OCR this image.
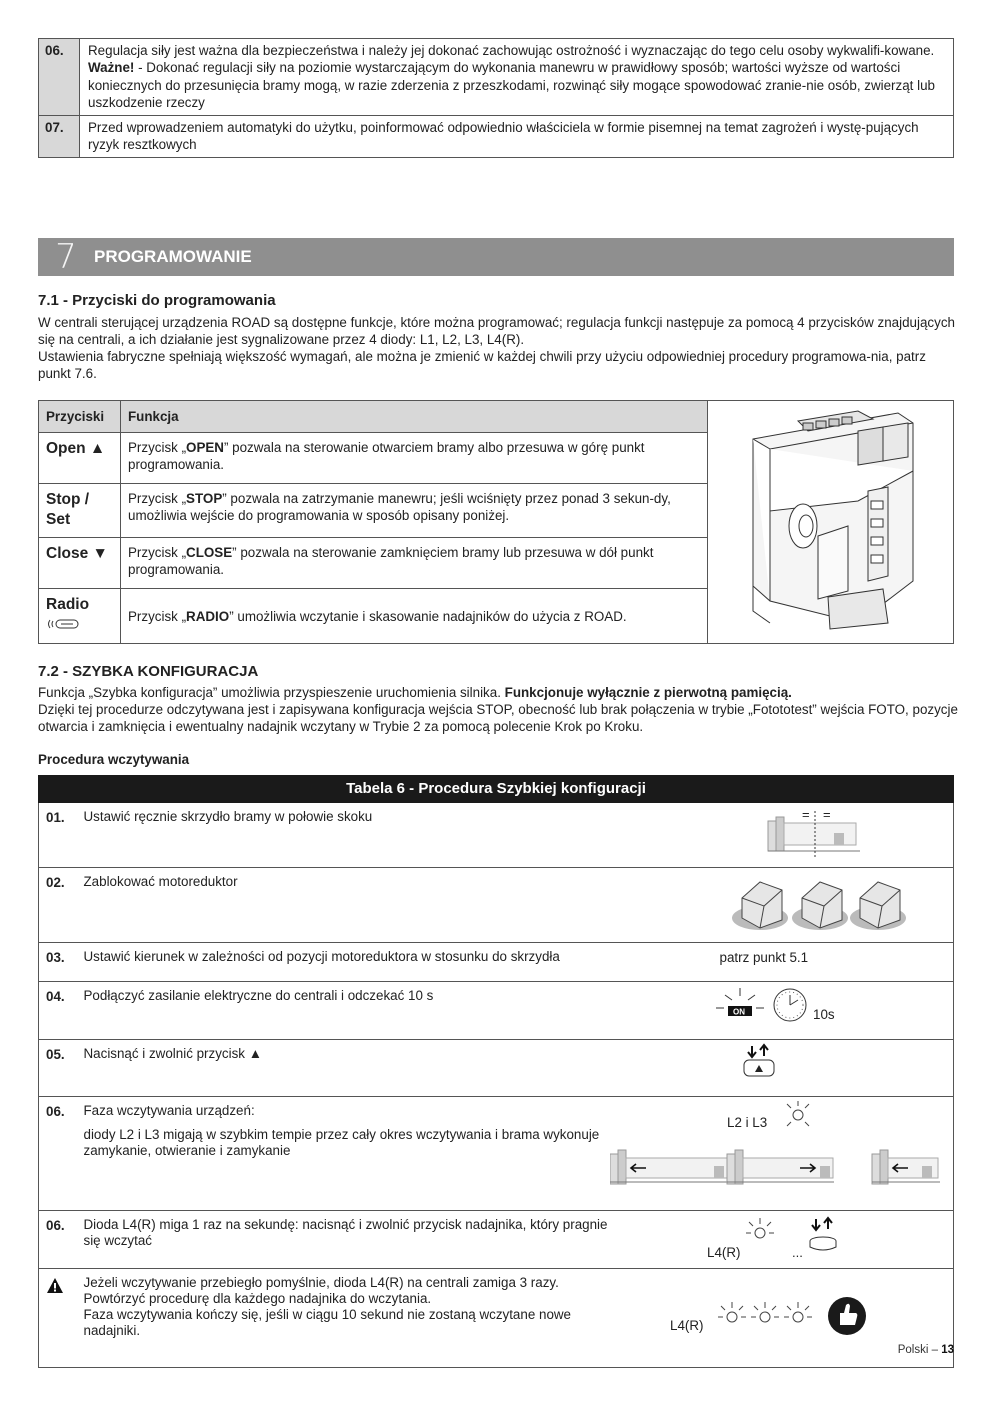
06.	Regulacja siły jest ważna dla bezpieczeństwa i należy jej dokonać zachowując ostrożność i wyznaczając do tego celu osoby wykwalifi-kowane. Ważne! - Dokonać regulacji siły na poziomie wystarczającym do wykonania manewru w prawidłowy sposób; wartości wyższe od wartości koniecznych do przesunięcia bramy mogą, w razie zderzenia z przeszkodami, rozwinąć siły mogące spowodować zranie-nie osób, zwierząt lub uszkodzenie rzeczy
07.	Przed wprowadzeniem automatyki do użytku, poinformować odpowiednio właściciela w formie pisemnej na temat zagrożeń i wystę-pujących ryzyk resztkowych
7	PROGRAMOWANIE
7.1 - Przyciski do programowania

W centrali sterującej urządzenia ROAD są dostępne funkcje, które można programować; regulacja funkcji następuje za pomocą 4 przycisków znajdujących się na centrali, a ich działanie jest sygnalizowane przez 4 diody: L1, L2, L3, L4(R).

Ustawienia fabryczne spełniają większość wymagań, ale można je zmienić w każdej chwili przy użyciu odpowiedniej procedury programowa-nia, patrz punkt 7.6.

Przyciski	Funkcja	
Open ▲	Przycisk „OPEN” pozwala na sterowanie otwarciem bramy albo przesuwa w górę punkt programowania.	
Stop / Set	Przycisk „STOP” pozwala na zatrzymanie manewru; jeśli wciśnięty przez ponad 3 sekun-dy, umożliwia wejście do programowania w sposób opisany poniżej.	
Close ▼	Przycisk „CLOSE” pozwala na sterowanie zamknięciem bramy lub przesuwa w dół punkt programowania.	

Radio	Przycisk „RADIO” umożliwia wczytanie i skasowanie nadajników do użycia z ROAD.	
7.2 - SZYBKA KONFIGURACJA

Funkcja „Szybka konfiguracja” umożliwia przyspieszenie uruchomienia silnika. Funkcjonuje wyłącznie z pierwotną pamięcią.

Dzięki tej procedurze odczytywana jest i zapisywana konfiguracja wejścia STOP, obecność lub brak połączenia w trybie „Fotototest” wejścia FOTO, pozycje otwarcia i zamknięcia i ewentualny nadajnik wczytany w Trybie 2 za pomocą polecenie Krok po Kroku.

Procedura wczytywania
Tabela 6 - Procedura Szybkiej konfiguracji		
01.	Ustawić ręcznie skrzydło bramy w połowie skoku	= =

02.	Zablokować motoreduktor	
03.	Ustawić kierunek w zależności od pozycji motoreduktora w stosunku do skrzydła	patrz punkt 5.1
04.	Podłączyć zasilanie elektryczne do centrali i odczekać 10 s	ON 10s

05.	Nacisnąć i zwolnić przycisk ▲	
06.	Faza wczytywania urządzeń:
diody L2 i L3 migają w szybkim tempie przez cały okres wczytywania i brama wykonuje zamykanie, otwieranie i zamykanie	

06.	Dioda L4(R) miga 1 raz na sekundę: nacisnąć i zwolnić przycisk nadajnika, który pragnie się wczytać	L4(R) ...

Jeżeli wczytywanie przebiegło pomyślnie, dioda L4(R) na centrali zamiga 3 razy.
Powtórzyć procedurę dla każdego nadajnika do wczytania.
Faza wczytywania kończy się, jeśli w ciągu 10 sekund nie zostaną wczytane nowe nadajniki.	L4(R)
L2 i L3
Polski – 13
